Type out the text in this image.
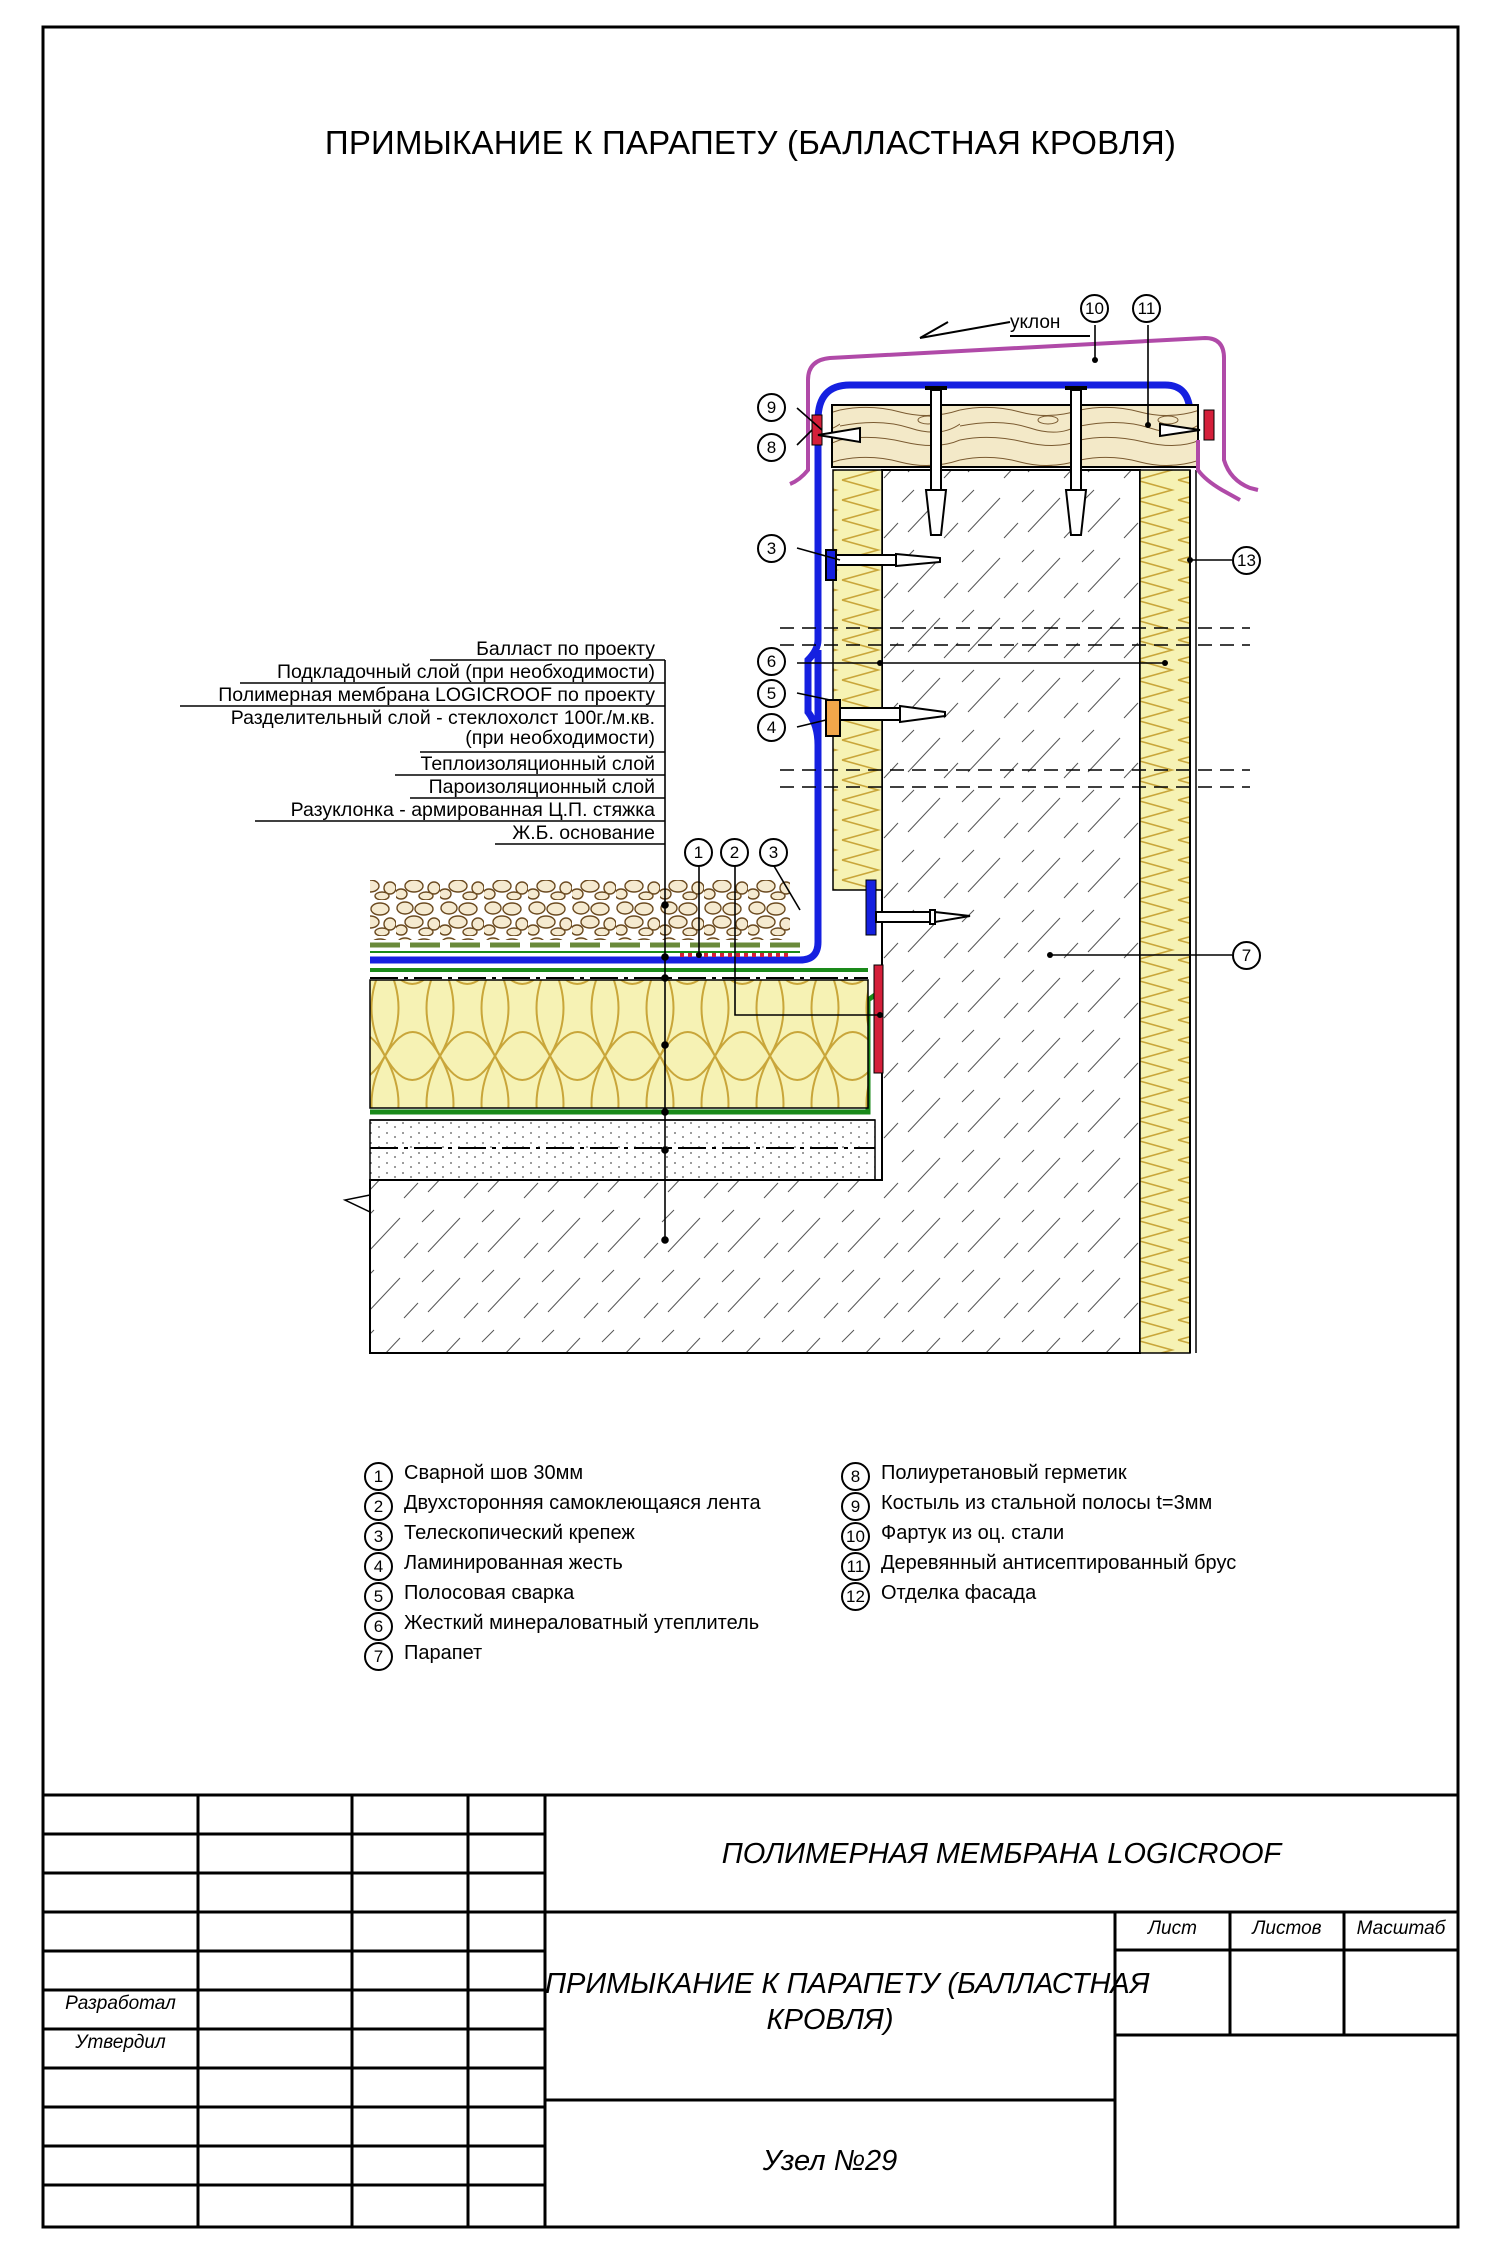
ПРИМЫКАНИЕ К ПАРАПЕТУ (БАЛЛАСТНАЯ КРОВЛЯ)
уклон
Балласт по проекту
Подкладочный слой (при необходимости)
Полимерная мембрана LOGICROOF по проекту
Разделительный слой - стеклохолст 100г./м.кв.
(при необходимости)
Теплоизоляционный слой
Пароизоляционный слой
Разуклонка - армированная Ц.П. стяжка
Ж.Б. основание
1	2	3
3
4
5
6
7
8
9
10	11
13
1	Сварной шов 30мм
2	Двухсторонняя самоклеющаяся лента
3	Телескопический крепеж
4	Ламинированная жесть
5	Полосовая сварка
6	Жесткий минераловатный утеплитель
7	Парапет
8	Полиуретановый герметик
9	Костыль из стальной полосы t=3мм
10 Фартук из оц. стали
11 Деревянный антисептированный брус
12 Отделка фасада
ПОЛИМЕРНАЯ МЕМБРАНА LOGICROOF
ПРИМЫКАНИЕ К ПАРАПЕТУ (БАЛЛАСТНАЯ
КРОВЛЯ)
Узел №29
Лист	Листов	Масштаб
Разработал
Утвердил
